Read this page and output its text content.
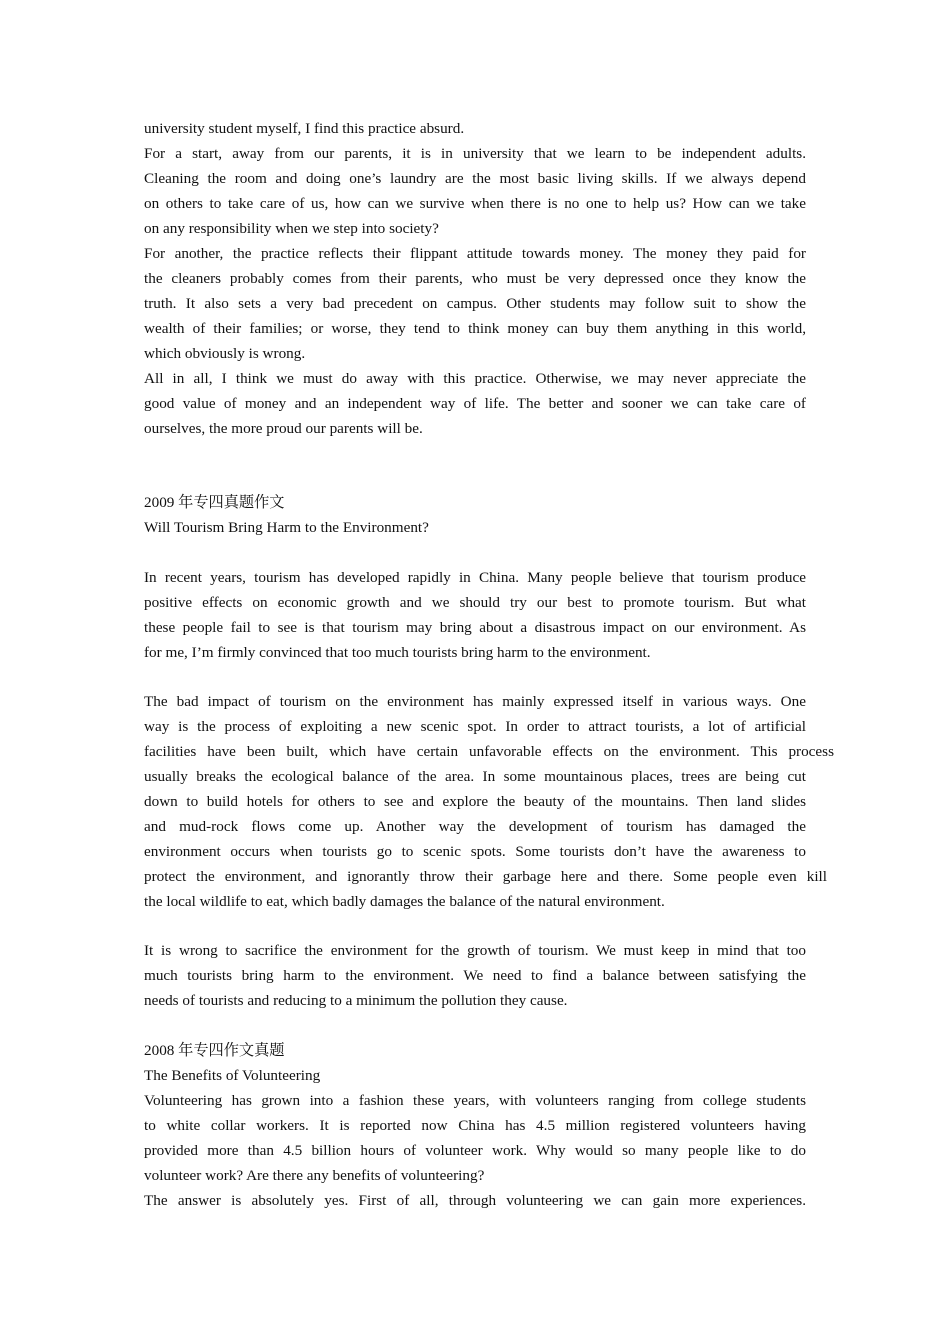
university student myself, I find this practice absurd.
For a start, away from our parents, it is in university that we learn to be independent adults.
Cleaning the room and doing one’s laundry are the most basic living skills. If we always depend
on others to take care of us, how can we survive when there is no one to help us? How can we take
on any responsibility when we step into society?
For another, the practice reflects their flippant attitude towards money. The money they paid for
the cleaners probably comes from their parents, who must be very depressed once they know the
truth. It also sets a very bad precedent on campus. Other students may follow suit to show the
wealth of their families; or worse, they tend to think money can buy them anything in this world,
which obviously is wrong.
All in all, I think we must do away with this practice. Otherwise, we may never appreciate the
good value of money and an independent way of life. The better and sooner we can take care of
ourselves, the more proud our parents will be.
2009 年专四真题作文
Will Tourism Bring Harm to the Environment?
In recent years, tourism has developed rapidly in China. Many people believe that tourism produce
positive effects on economic growth and we should try our best to promote tourism. But what
these people fail to see is that tourism may bring about a disastrous impact on our environment. As
for me, I’m firmly convinced that too much tourists bring harm to the environment.
The bad impact of tourism on the environment has mainly expressed itself in various ways. One
way is the process of exploiting a new scenic spot. In order to attract tourists, a lot of artificial
facilities have been built, which have certain unfavorable effects on the environment. This process
usually breaks the ecological balance of the area. In some mountainous places, trees are being cut
down to build hotels for others to see and explore the beauty of the mountains. Then land slides
and mud-rock flows come up. Another way the development of tourism has damaged the
environment occurs when tourists go to scenic spots. Some tourists don’t have the awareness to
protect the environment, and ignorantly throw their garbage here and there. Some people even kill
the local wildlife to eat, which badly damages the balance of the natural environment.
It is wrong to sacrifice the environment for the growth of tourism. We must keep in mind that too
much tourists bring harm to the environment. We need to find a balance between satisfying the
needs of tourists and reducing to a minimum the pollution they cause.
2008 年专四作文真题
The Benefits of Volunteering
Volunteering has grown into a fashion these years, with volunteers ranging from college students
to white collar workers. It is reported now China has 4.5 million registered volunteers having
provided more than 4.5 billion hours of volunteer work. Why would so many people like to do
volunteer work? Are there any benefits of volunteering?
The answer is absolutely yes. First of all, through volunteering we can gain more experiences.
